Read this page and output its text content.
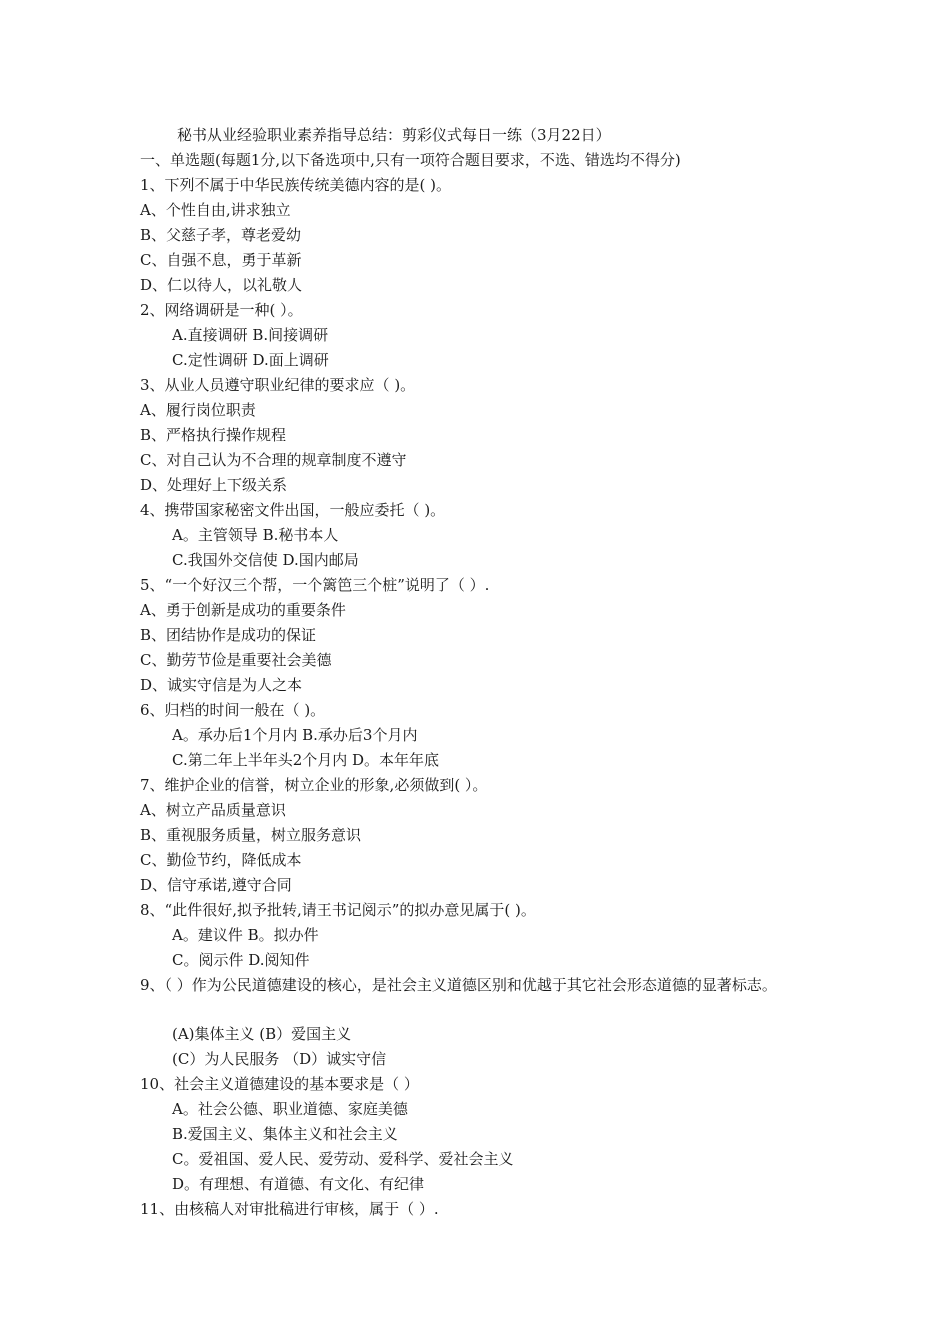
秘书从业经验职业素养指导总结：剪彩仪式每日一练（3月22日）
一、单选题(每题1分,以下备选项中,只有一项符合题目要求，不选、错选均不得分)
1、下列不属于中华民族传统美德内容的是( )。
A、个性自由,讲求独立
B、父慈子孝，尊老爱幼
C、自强不息，勇于革新
D、仁以待人，以礼敬人
2、网络调研是一种( ）。
A.直接调研 B.间接调研
C.定性调研 D.面上调研
3、从业人员遵守职业纪律的要求应（ )。
A、履行岗位职责
B、严格执行操作规程
C、对自己认为不合理的规章制度不遵守
D、处理好上下级关系
4、携带国家秘密文件出国，一般应委托（ )。
A。主管领导 B.秘书本人
C.我国外交信使 D.国内邮局
5、“一个好汉三个帮，一个篱笆三个桩”说明了（ ）.
A、勇于创新是成功的重要条件
B、团结协作是成功的保证
C、勤劳节俭是重要社会美德
D、诚实守信是为人之本
6、归档的时间一般在（ )。
A。承办后1个月内 B.承办后3个月内
C.第二年上半年头2个月内 D。本年年底
7、维护企业的信誉，树立企业的形象,必须做到( ）。
A、树立产品质量意识
B、重视服务质量，树立服务意识
C、勤俭节约，降低成本
D、信守承诺,遵守合同
8、“此件很好,拟予批转,请王书记阅示”的拟办意见属于( )。
A。建议件 B。拟办件
C。阅示件 D.阅知件
9、（ ）作为公民道德建设的核心，是社会主义道德区别和优越于其它社会形态道德的显著标志。
(A)集体主义 (B）爱国主义
(C）为人民服务 （D）诚实守信
10、社会主义道德建设的基本要求是（ ）
A。社会公德、职业道德、家庭美德
B.爱国主义、集体主义和社会主义
C。爱祖国、爱人民、爱劳动、爱科学、爱社会主义
D。有理想、有道德、有文化、有纪律
11、由核稿人对审批稿进行审核，属于（ ）.
